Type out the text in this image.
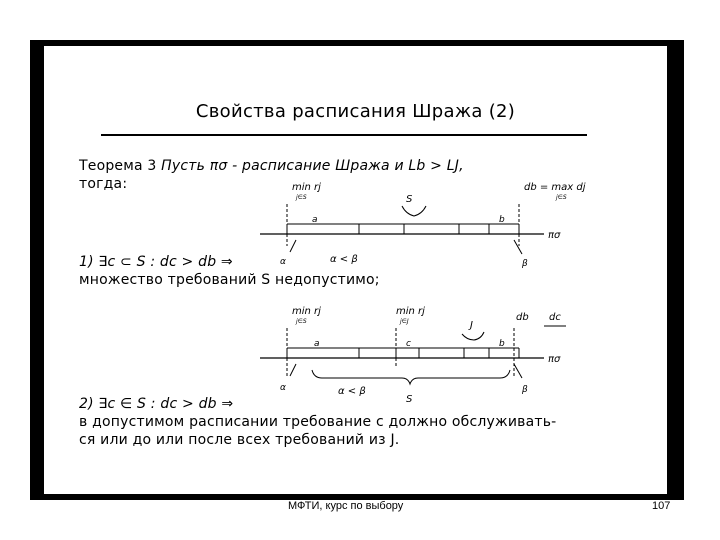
Свойства расписания Шража (2)
Теорема 3 Пусть πσ - расписание Шража и Lb > LJ,
тогда:	min rj
j∈S	S
db = max dj
j∈S
a	b
πσ
α	α < β	β
1) ∃c ⊂ S : dc > db ⇒
множество требований S недопустимо;
min rj
j∈S
min rj
j∈J	J
db dc
a	c	b
πσ
α	α < β
S
β
2) ∃c ∈ S : dc > db ⇒
в допустимом расписании требование c должно обслуживать-
ся или до или после всех требований из J.
МФТИ, курс по выбору	107
